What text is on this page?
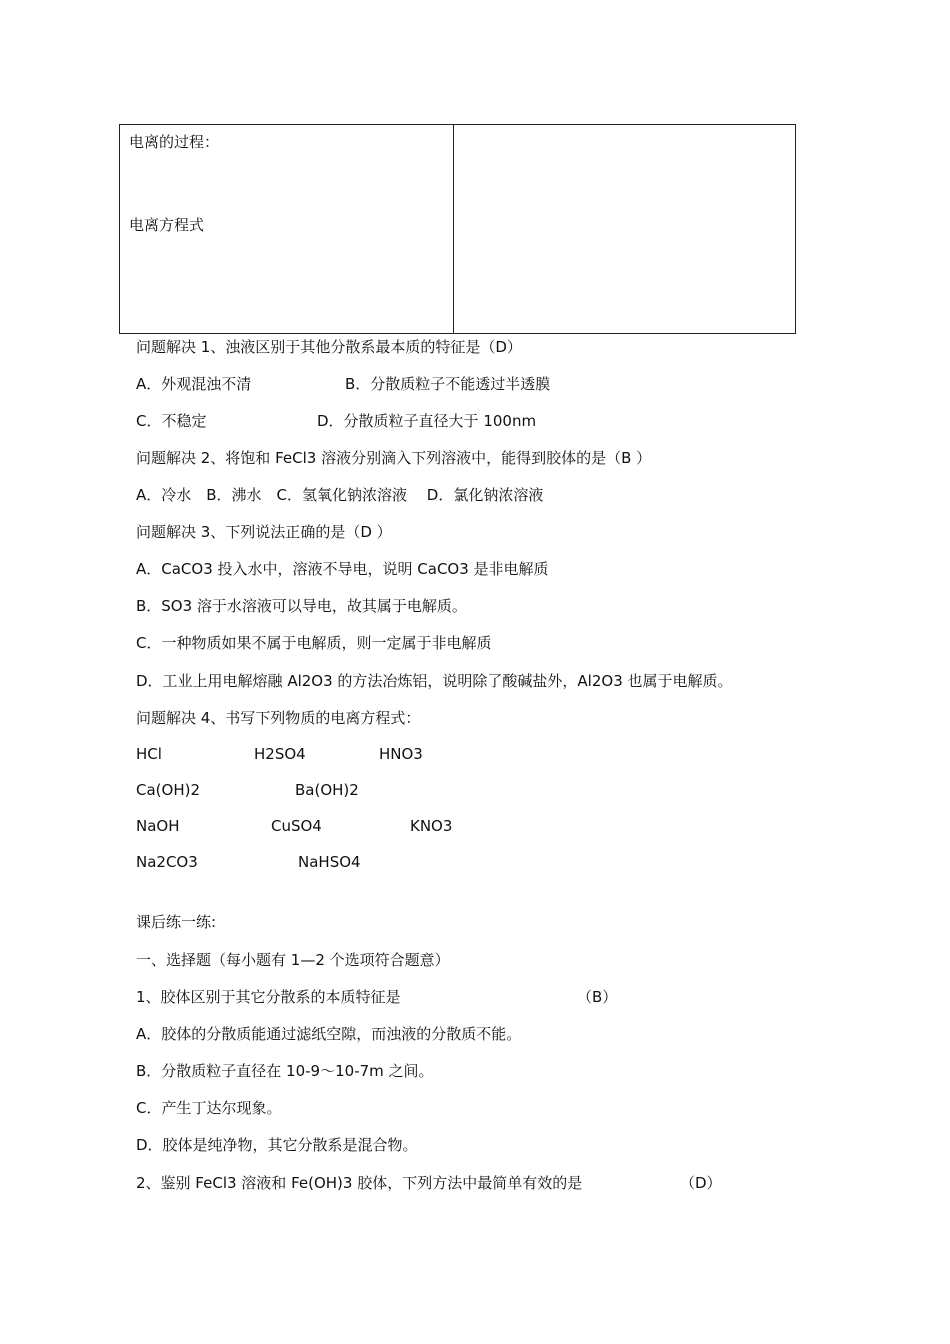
电离的过程：
电离方程式
问题解决 1、浊液区别于其他分散系最本质的特征是（D）
A．外观混浊不清	B．分散质粒子不能透过半透膜
C．不稳定	D．分散质粒子直径大于 100nm
问题解决 2、将饱和 FeCl3 溶液分别滴入下列溶液中，能得到胶体的是（B ）
A．冷水　B．沸水　C．氢氧化钠浓溶液　 D．氯化钠浓溶液
问题解决 3、下列说法正确的是（D ）
A．CaCO3 投入水中，溶液不导电，说明 CaCO3 是非电解质
B．SO3 溶于水溶液可以导电，故其属于电解质。
C．一种物质如果不属于电解质，则一定属于非电解质
D．工业上用电解熔融 Al2O3 的方法冶炼铝，说明除了酸碱盐外，Al2O3 也属于电解质。
问题解决 4、书写下列物质的电离方程式：
HCl	H2SO4	HNO3
Ca(OH)2	Ba(OH)2
NaOH	CuSO4	KNO3
Na2CO3	NaHSO4
课后练一练:
一、选择题（每小题有 1—2 个选项符合题意）
1、胶体区别于其它分散系的本质特征是	（B）
A．胶体的分散质能通过滤纸空隙，而浊液的分散质不能。
B．分散质粒子直径在 10-9～10-7m 之间。
C．产生丁达尔现象。
D．胶体是纯净物，其它分散系是混合物。
2、鉴别 FeCl3 溶液和 Fe(OH)3 胶体，下列方法中最简单有效的是	（D）
